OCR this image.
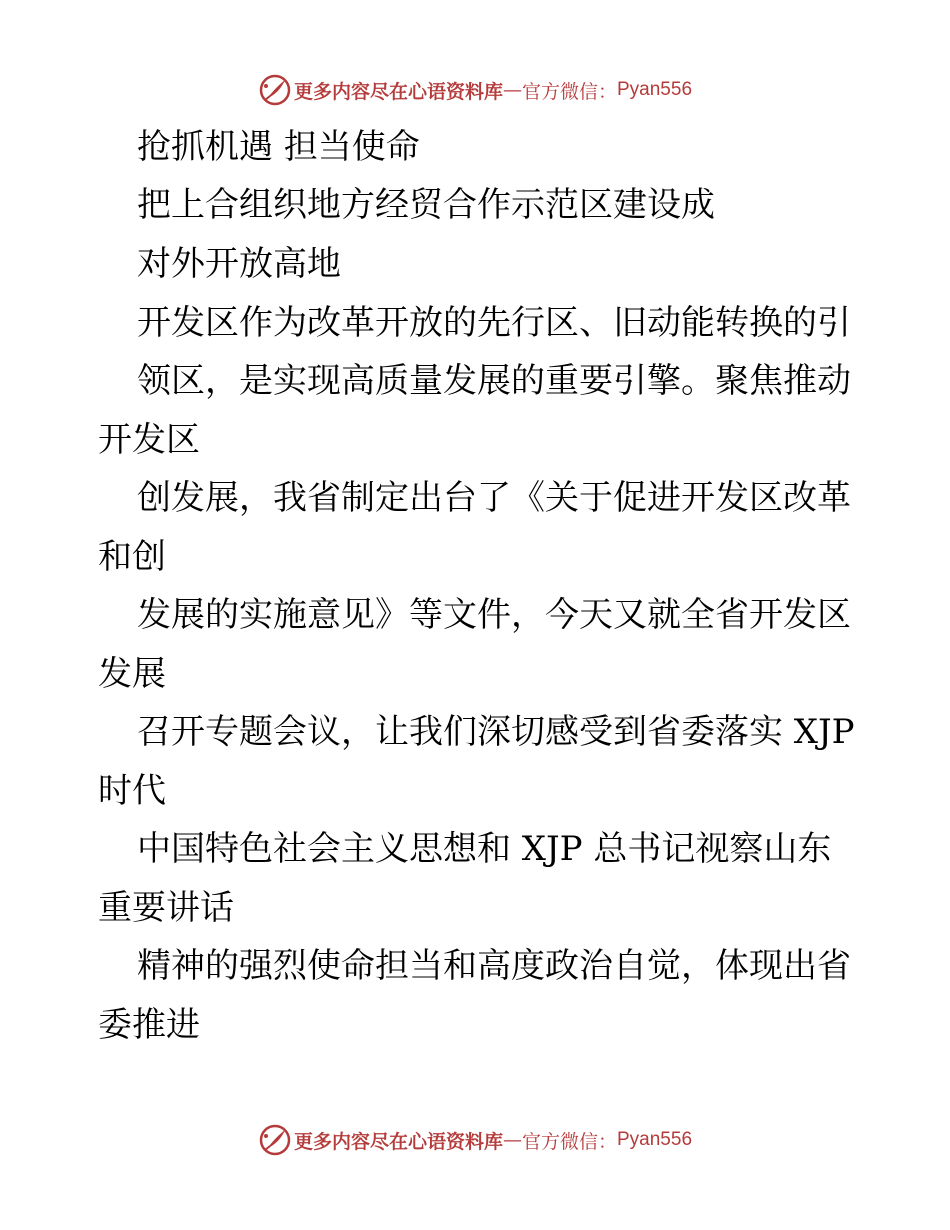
更多内容尽在心语资料库 — 官方微信： Pyan556
抢抓机遇 担当使命
把上合组织地方经贸合作示范区建设成
对外开放高地
开发区作为改革开放的先行区、旧动能转换的引
领区，是实现高质量发展的重要引擎。聚焦推动
开发区
创发展，我省制定出台了《关于促进开发区改革
和创
发展的实施意见》等文件，今天又就全省开发区
发展
召开专题会议，让我们深切感受到省委落实 XJP
时代
中国特色社会主义思想和 XJP 总书记视察山东
重要讲话
精神的强烈使命担当和高度政治自觉，体现出省
委推进
更多内容尽在心语资料库 — 官方微信： Pyan556
